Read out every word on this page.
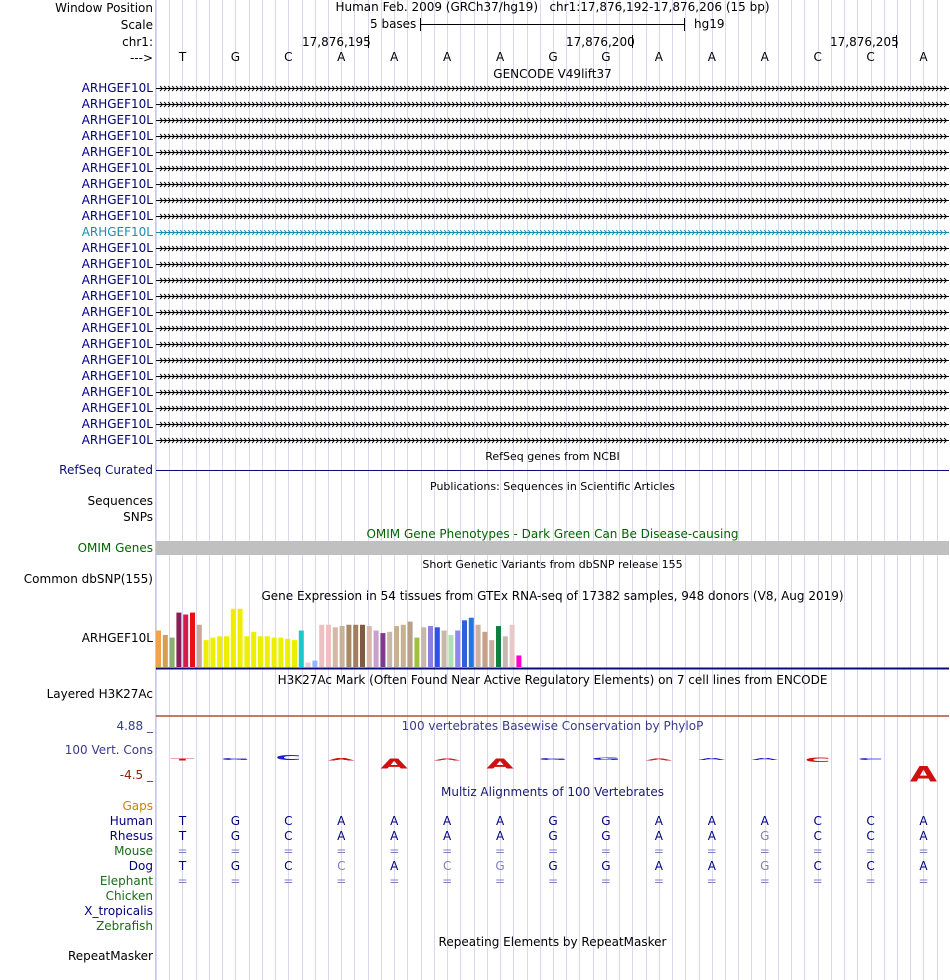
Window Position
Scale
chr1:
--->
Human Feb. 2009 (GRCh37/hg19)   chr1:17,876,192-17,876,206 (15 bp)
5 bases	hg19
17,876,195	17,876,200	17,876,205
T	G	C	A	A	A	A	G	G	A	A	A	C	C	A
GENCODE V49lift37
ARHGEF10L
ARHGEF10L
ARHGEF10L
ARHGEF10L
ARHGEF10L
ARHGEF10L
ARHGEF10L
ARHGEF10L
ARHGEF10L
ARHGEF10L
ARHGEF10L
ARHGEF10L
ARHGEF10L
ARHGEF10L
ARHGEF10L
ARHGEF10L
ARHGEF10L
ARHGEF10L
ARHGEF10L
ARHGEF10L
ARHGEF10L
ARHGEF10L
ARHGEF10L
RefSeq genes from NCBI
RefSeq Curated
Publications: Sequences in Scientific Articles
Sequences
SNPs
OMIM Gene Phenotypes - Dark Green Can Be Disease-causing
OMIM Genes
Short Genetic Variants from dbSNP release 155
Common dbSNP(155)
Gene Expression in 54 tissues from GTEx RNA-seq of 17382 samples, 948 donors (V8, Aug 2019)
ARHGEF10L
H3K27Ac Mark (Often Found Near Active Regulatory Elements) on 7 cell lines from ENCODE
Layered H3K27Ac
100 vertebrates Basewise Conservation by PhyloP
4.88 _
100 Vert. Cons
-4.5 _
Gaps
Multiz Alignments of 100 Vertebrates
Human	T	G	C	A	A	A	A	G	G	A	A	A	C	C	A
Rhesus	T	G	C	A	A	A	A	G	G	A	A	G	C	C	A
Mouse	=	=	=	=	=	=	=	=	=	=	=	=	=	=	=
Dog	T	G	C	C	A	C	G	G	G	A	A	G	C	C	A
Elephant	=	=	=	=	=	=	=	=	=	=	=	=	=	=	=
Chicken
X_tropicalis
Zebrafish
Repeating Elements by RepeatMasker
RepeatMasker
T G C A A A A G G A A A C C
A
